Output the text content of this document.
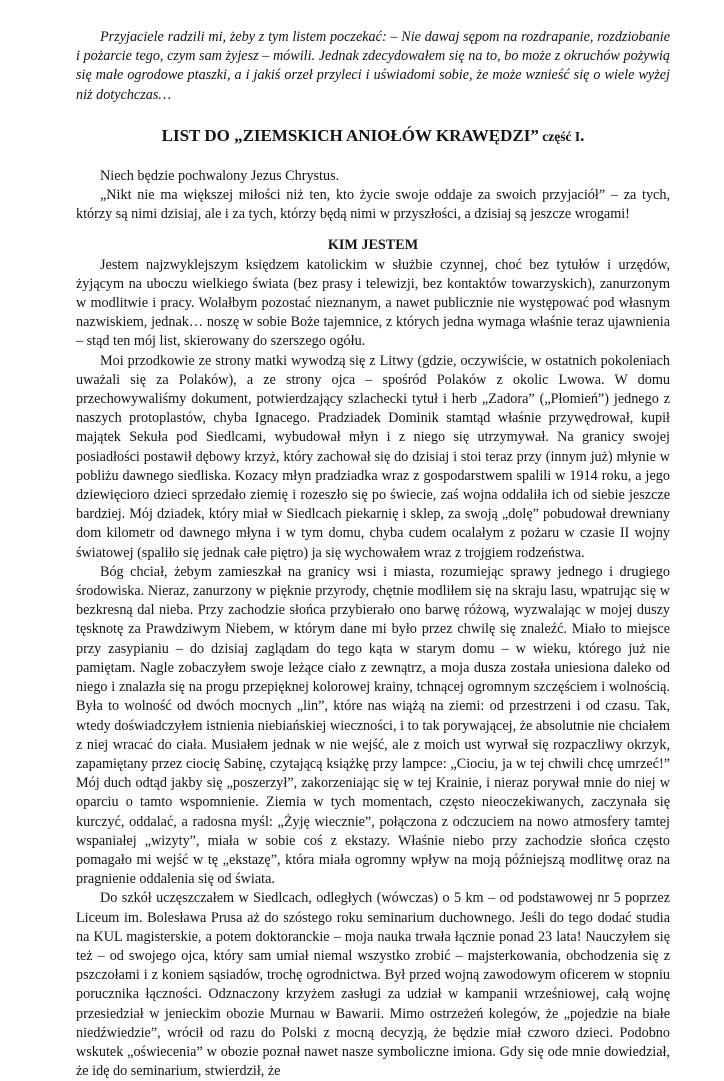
Przyjaciele radzili mi, żeby z tym listem poczekać: – Nie dawaj sępom na rozdrapanie, rozdziobanie i pożarcie tego, czym sam żyjesz – mówili. Jednak zdecydowałem się na to, bo może z okruchów pożywią się małe ogrodowe ptaszki, a i jakiś orzeł przyleci i uświadomi sobie, że może wznieść się o wiele wyżej niż dotychczas…

LIST DO „ZIEMSKICH ANIOŁÓW KRAWĘDZI” część I.

Niech będzie pochwalony Jezus Chrystus.

„Nikt nie ma większej miłości niż ten, kto życie swoje oddaje za swoich przyjaciół” – za tych, którzy są nimi dzisiaj, ale i za tych, którzy będą nimi w przyszłości, a dzisiaj są jeszcze wrogami!

KIM JESTEM

Jestem najzwyklejszym księdzem katolickim w służbie czynnej, choć bez tytułów i urzędów, żyjącym na uboczu wielkiego świata (bez prasy i telewizji, bez kontaktów towarzyskich), zanurzonym w modlitwie i pracy. Wolałbym pozostać nieznanym, a nawet publicznie nie występować pod własnym nazwiskiem, jednak… noszę w sobie Boże tajemnice, z których jedna wymaga właśnie teraz ujawnienia – stąd ten mój list, skierowany do szerszego ogółu.

Moi przodkowie ze strony matki wywodzą się z Litwy (gdzie, oczywiście, w ostatnich pokoleniach uważali się za Polaków), a ze strony ojca – spośród Polaków z okolic Lwowa. W domu przechowywaliśmy dokument, potwierdzający szlachecki tytuł i herb „Zadora” („Płomień”) jednego z naszych protoplastów, chyba Ignacego. Pradziadek Dominik stamtąd właśnie przywędrował, kupił majątek Sekuła pod Siedlcami, wybudował młyn i z niego się utrzymywał. Na granicy swojej posiadłości postawił dębowy krzyż, który zachował się do dzisiaj i stoi teraz przy (innym już) młynie w pobliżu dawnego siedliska. Kozacy młyn pradziadka wraz z gospodarstwem spalili w 1914 roku, a jego dziewięcioro dzieci sprzedało ziemię i rozeszło się po świecie, zaś wojna oddaliła ich od siebie jeszcze bardziej. Mój dziadek, który miał w Siedlcach piekarnię i sklep, za swoją „dolę” pobudował drewniany dom kilometr od dawnego młyna i w tym domu, chyba cudem ocalałym z pożaru w czasie II wojny światowej (spaliło się jednak całe piętro) ja się wychowałem wraz z trojgiem rodzeństwa.

Bóg chciał, żebym zamieszkał na granicy wsi i miasta, rozumiejąc sprawy jednego i drugiego środowiska. Nieraz, zanurzony w pięknie przyrody, chętnie modliłem się na skraju lasu, wpatrując się w bezkresną dal nieba. Przy zachodzie słońca przybierało ono barwę różową, wyzwalając w mojej duszy tęsknotę za Prawdziwym Niebem, w którym dane mi było przez chwilę się znaleźć. Miało to miejsce przy zasypianiu – do dzisiaj zaglądam do tego kąta w starym domu – w wieku, którego już nie pamiętam. Nagle zobaczyłem swoje leżące ciało z zewnątrz, a moja dusza została uniesiona daleko od niego i znalazła się na progu przepięknej kolorowej krainy, tchnącej ogromnym szczęściem i wolnością. Była to wolność od dwóch mocnych „lin”, które nas wiążą na ziemi: od przestrzeni i od czasu. Tak, wtedy doświadczyłem istnienia niebiańskiej wieczności, i to tak porywającej, że absolutnie nie chciałem z niej wracać do ciała. Musiałem jednak w nie wejść, ale z moich ust wyrwał się rozpaczliwy okrzyk, zapamiętany przez ciocię Sabinę, czytającą książkę przy lampce: „Ciociu, ja w tej chwili chcę umrzeć!” Mój duch odtąd jakby się „poszerzył”, zakorzeniając się w tej Krainie, i nieraz porywał mnie do niej w oparciu o tamto wspomnienie. Ziemia w tych momentach, często nieoczekiwanych, zaczynała się kurczyć, oddalać, a radosna myśl: „Żyję wiecznie”, połączona z odczuciem na nowo atmosfery tamtej wspaniałej „wizyty”, miała w sobie coś z ekstazy. Właśnie niebo przy zachodzie słońca często pomagało mi wejść w tę „ekstazę”, która miała ogromny wpływ na moją późniejszą modlitwę oraz na pragnienie oddalenia się od świata.

Do szkół uczęszczałem w Siedlcach, odległych (wówczas) o 5 km – od podstawowej nr 5 poprzez Liceum im. Bolesława Prusa aż do szóstego roku seminarium duchownego. Jeśli do tego dodać studia na KUL magisterskie, a potem doktoranckie – moja nauka trwała łącznie ponad 23 lata! Nauczyłem się też – od swojego ojca, który sam umiał niemal wszystko zrobić – majsterkowania, obchodzenia się z pszczołami i z koniem sąsiadów, trochę ogrodnictwa. Był przed wojną zawodowym oficerem w stopniu porucznika łączności. Odznaczony krzyżem zasługi za udział w kampanii wrześniowej, całą wojnę przesiedział w jenieckim obozie Murnau w Bawarii. Mimo ostrzeżeń kolegów, że „pojedzie na białe niedźwiedzie”, wrócił od razu do Polski z mocną decyzją, że będzie miał czworo dzieci. Podobno wskutek „oświecenia” w obozie poznał nawet nasze symboliczne imiona. Gdy się ode mnie dowiedział, że idę do seminarium, stwierdził, że
